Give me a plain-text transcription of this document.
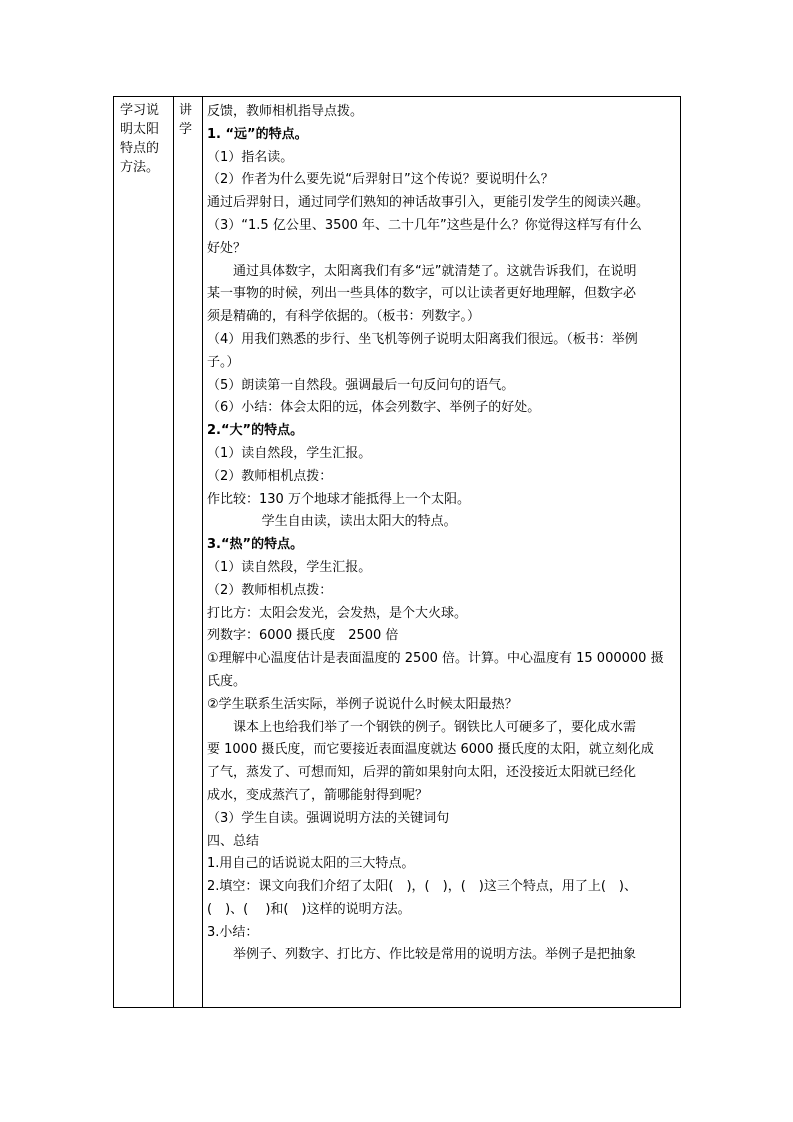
学习说
明太阳
特点的
方法。
讲
学
反馈，教师相机指导点拨。
1. “远”的特点。
（1）指名读。
（2）作者为什么要先说“后羿射日”这个传说？要说明什么？
通过后羿射日，通过同学们熟知的神话故事引入，更能引发学生的阅读兴趣。
（3）“1.5 亿公里、3500 年、二十几年”这些是什么？你觉得这样写有什么
好处？
通过具体数字，太阳离我们有多“远”就清楚了。这就告诉我们，在说明
某一事物的时候，列出一些具体的数字，可以让读者更好地理解，但数字必
须是精确的，有科学依据的。（板书：列数字。）
（4）用我们熟悉的步行、坐飞机等例子说明太阳离我们很远。（板书：举例
子。）
（5）朗读第一自然段。强调最后一句反问句的语气。
（6）小结：体会太阳的远，体会列数字、举例子的好处。
2.“大”的特点。
（1）读自然段，学生汇报。
（2）教师相机点拨：
作比较：130 万个地球才能抵得上一个太阳。
学生自由读，读出太阳大的特点。
3.“热”的特点。
（1）读自然段，学生汇报。
（2）教师相机点拨：
打比方：太阳会发光，会发热，是个大火球。
列数字：6000 摄氏度　2500 倍
①理解中心温度估计是表面温度的 2500 倍。计算。中心温度有 15 000000 摄
氏度。
②学生联系生活实际，举例子说说什么时候太阳最热？
课本上也给我们举了一个钢铁的例子。钢铁比人可硬多了，要化成水需
要 1000 摄氏度，而它要接近表面温度就达 6000 摄氏度的太阳，就立刻化成
了气，蒸发了、可想而知，后羿的箭如果射向太阳，还没接近太阳就已经化
成水，变成蒸汽了，箭哪能射得到呢？
（3）学生自读。强调说明方法的关键词句
四、总结
1.用自己的话说说太阳的三大特点。
2.填空：课文向我们介绍了太阳(　)，(　)，(　)这三个特点，用了上(　)、
(　)、(　 )和(　)这样的说明方法。
3.小结：
举例子、列数字、打比方、作比较是常用的说明方法。举例子是把抽象
